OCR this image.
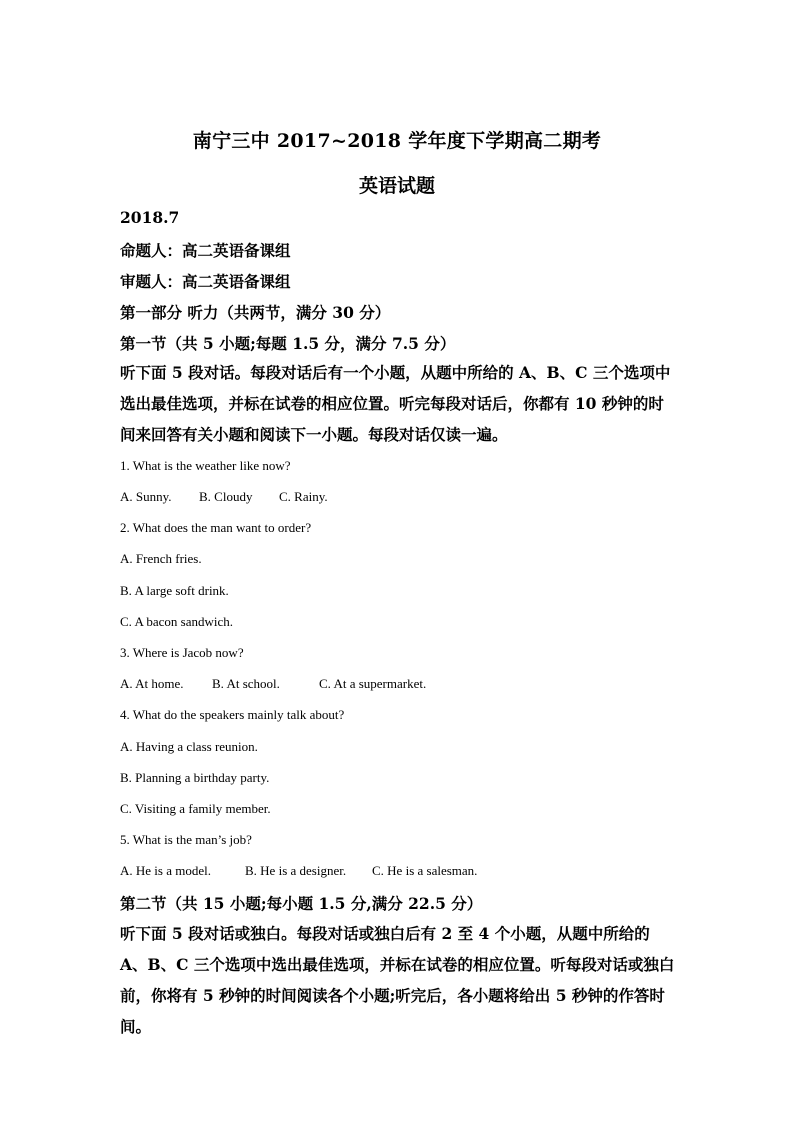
南宁三中 2017~2018 学年度下学期高二期考
英语试题
2018.7
命题人：高二英语备课组
审题人：高二英语备课组
第一部分 听力（共两节，满分 30 分）
第一节（共 5 小题;每题 1.5 分，满分 7.5 分）
听下面 5 段对话。每段对话后有一个小题，从题中所给的 A、B、C 三个选项中选出最佳选项，并标在试卷的相应位置。听完每段对话后，你都有 10 秒钟的时间来回答有关小题和阅读下一小题。每段对话仅读一遍。
1. What is the weather like now?
A. Sunny. B. Cloudy C. Rainy.
2. What does the man want to order?
A. French fries.
B. A large soft drink.
C. A bacon sandwich.
3. Where is Jacob now?
A. At home. B. At school.	C. At a supermarket.
4. What do the speakers mainly talk about?
A. Having a class reunion.
B. Planning a birthday party.
C. Visiting a family member.
5. What is the man’s job?
A. He is a model.	B. He is a designer. C. He is a salesman.
第二节（共 15 小题;每小题 1.5 分,满分 22.5 分）
听下面 5 段对话或独白。每段对话或独白后有 2 至 4 个小题，从题中所给的 A、B、C 三个选项中选出最佳选项，并标在试卷的相应位置。听每段对话或独白前，你将有 5 秒钟的时间阅读各个小题;听完后，各小题将给出 5 秒钟的作答时间。
